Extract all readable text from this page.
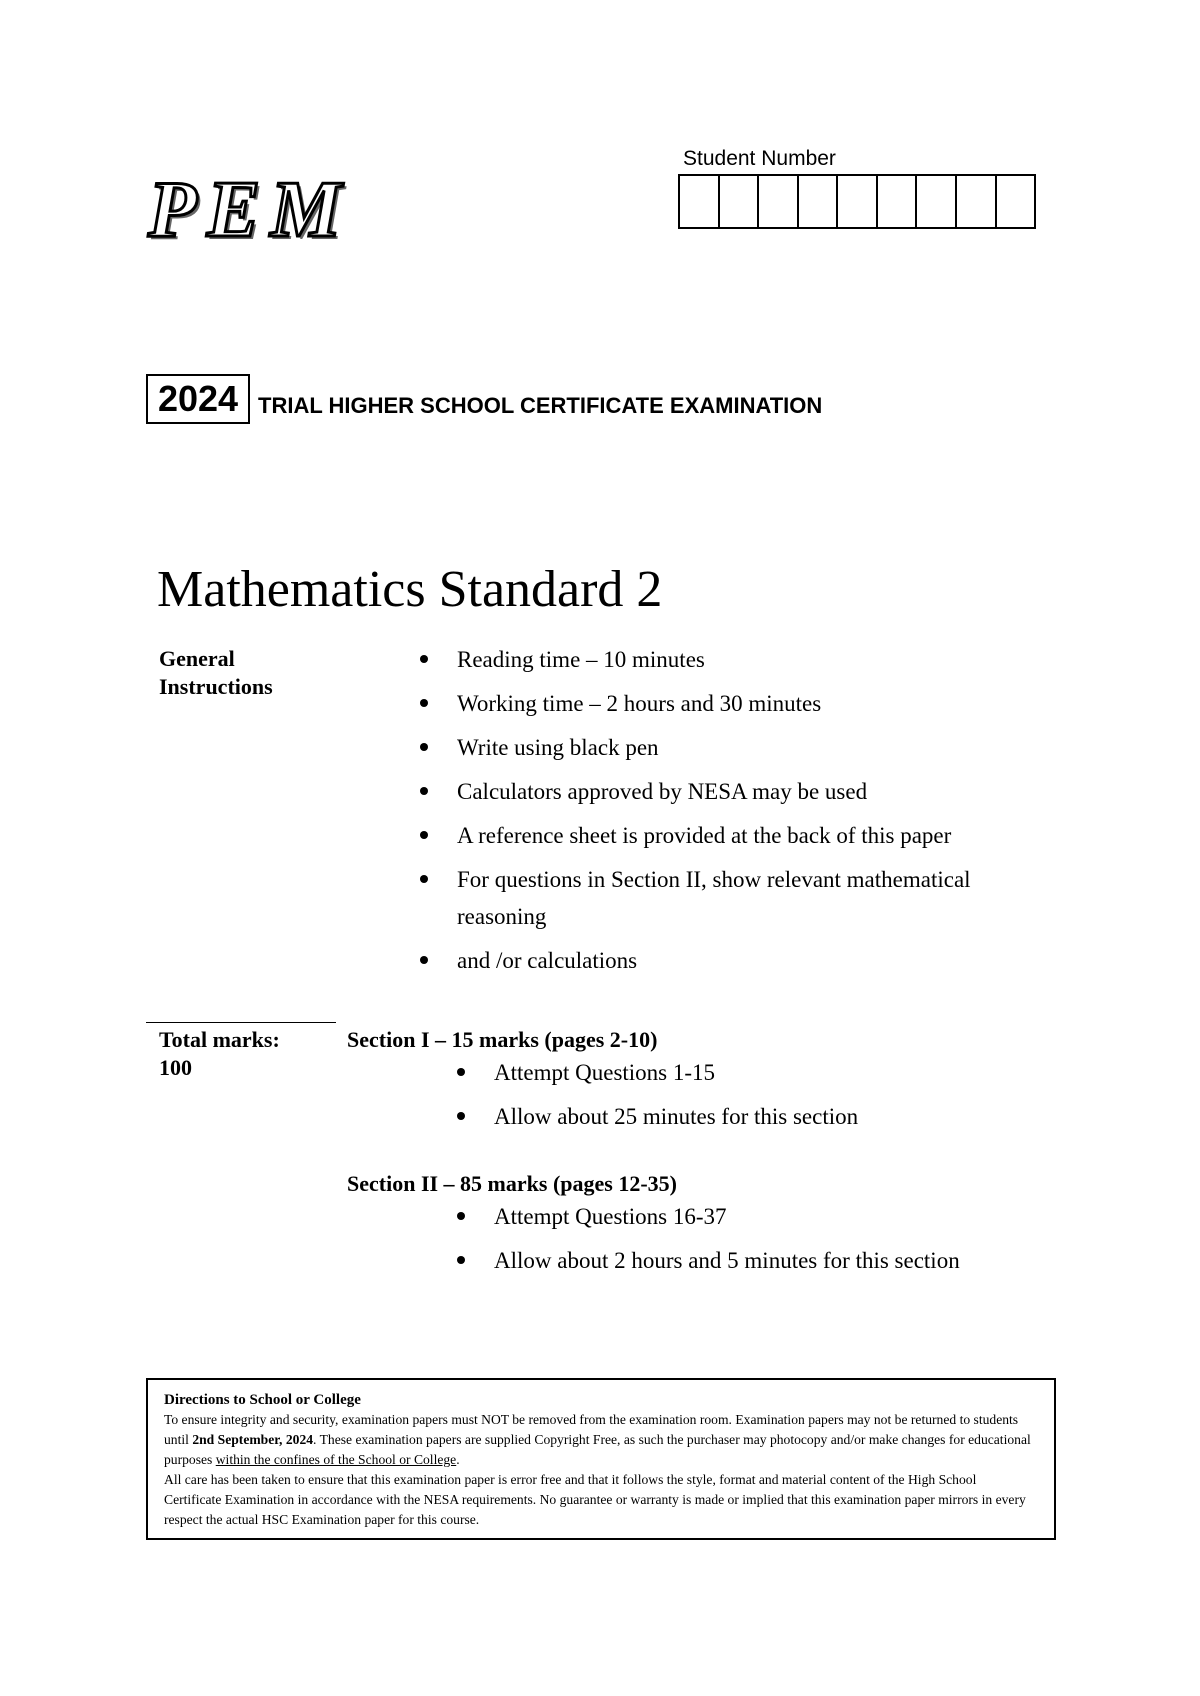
PEM
Student Number
2024 TRIAL HIGHER SCHOOL CERTIFICATE EXAMINATION
Mathematics Standard 2
General
Instructions
Reading time – 10 minutes
Working time – 2 hours and 30 minutes
Write using black pen
Calculators approved by NESA may be used
A reference sheet is provided at the back of this paper
For questions in Section II, show relevant mathematical
reasoning
and /or calculations
Total marks:
100
Section I – 15 marks (pages 2-10)
Attempt Questions 1-15
Allow about 25 minutes for this section
Section II – 85 marks (pages 12-35)
Attempt Questions 16-37
Allow about 2 hours and 5 minutes for this section
Directions to School or College
To ensure integrity and security, examination papers must NOT be removed from the examination room. Examination papers may not be returned to students until 2nd September, 2024. These examination papers are supplied Copyright Free, as such the purchaser may photocopy and/or make changes for educational purposes within the confines of the School or College.
All care has been taken to ensure that this examination paper is error free and that it follows the style, format and material content of the High School Certificate Examination in accordance with the NESA requirements. No guarantee or warranty is made or implied that this examination paper mirrors in every respect the actual HSC Examination paper for this course.
